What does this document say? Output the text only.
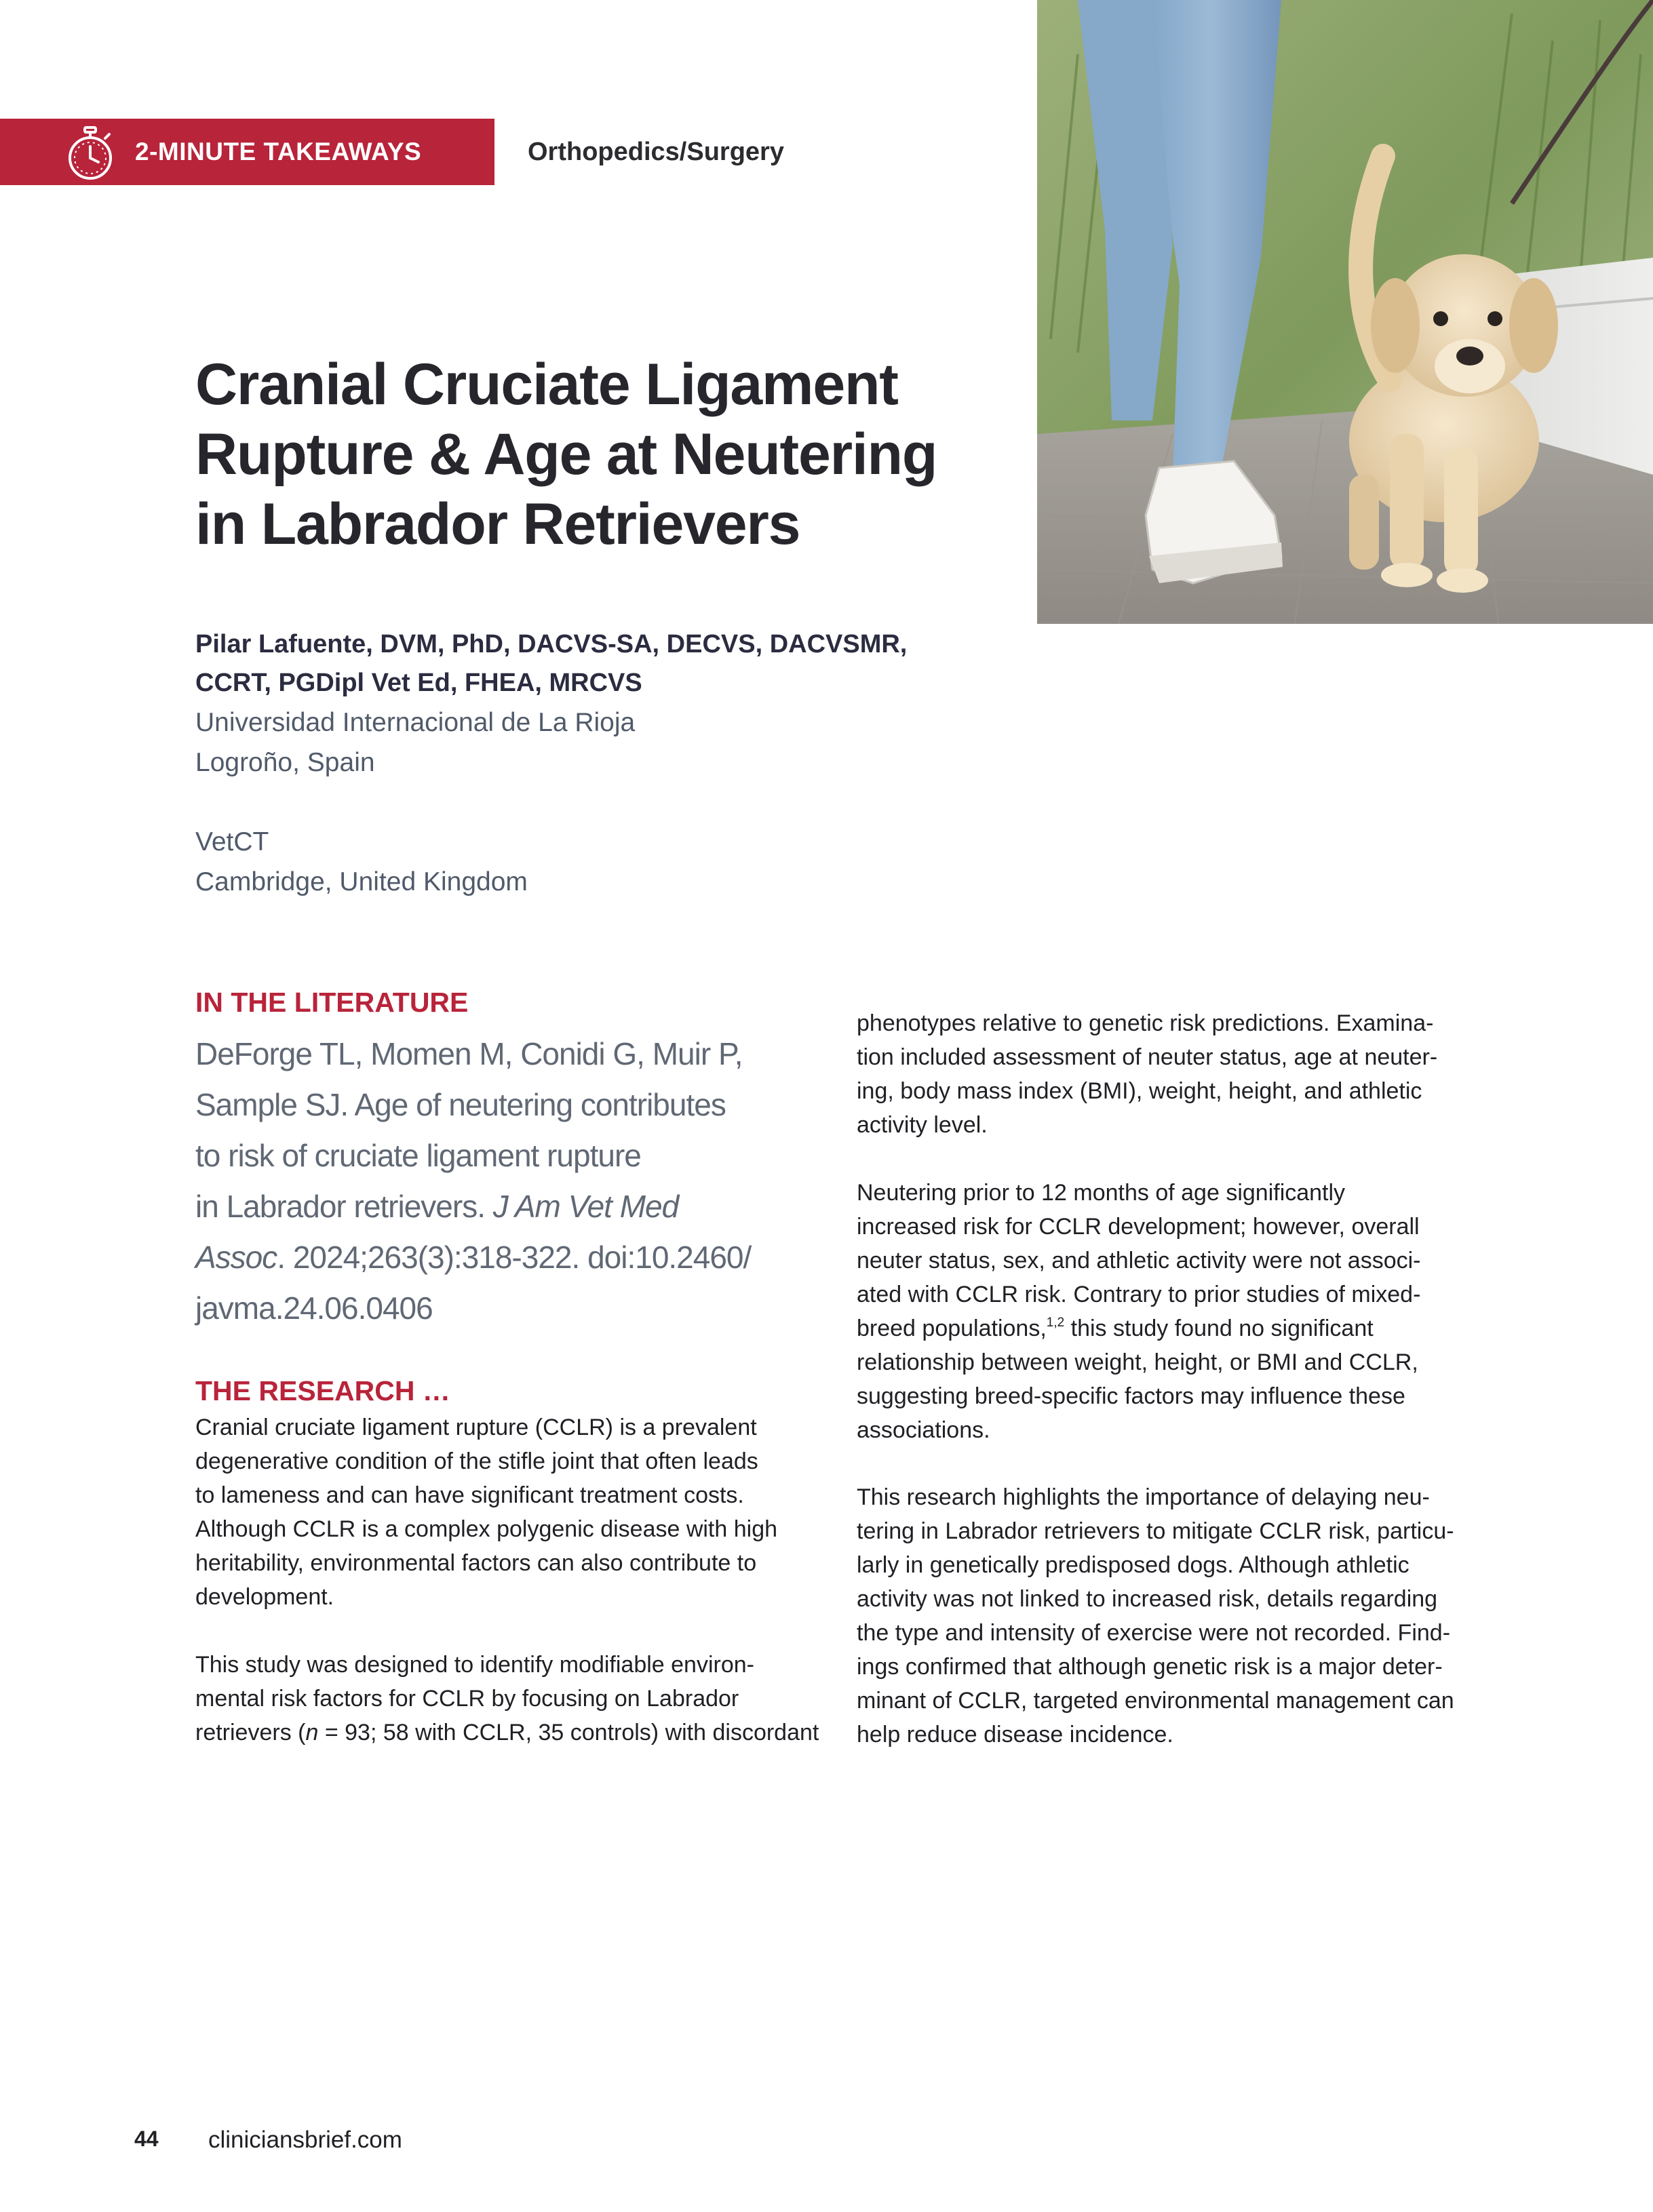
2-MINUTE TAKEAWAYS	Orthopedics/Surgery
Cranial Cruciate Ligament
Rupture & Age at Neutering
in Labrador Retrievers
Pilar Lafuente, DVM, PhD, DACVS-SA, DECVS, DACVSMR,
CCRT, PGDipl Vet Ed, FHEA, MRCVS
Universidad Internacional de La Rioja
Logroño, Spain
VetCT
Cambridge, United Kingdom
IN THE LITERATURE
DeForge TL, Momen M, Conidi G, Muir P,
Sample SJ. Age of neutering contributes
to risk of cruciate ligament rupture
in Labrador retrievers. J Am Vet Med
Assoc. 2024;263(3):318-322. doi:10.2460/
javma.24.06.0406
THE RESEARCH …
Cranial cruciate ligament rupture (CCLR) is a prevalent
degenerative condition of the stifle joint that often leads
to lameness and can have significant treatment costs.
Although CCLR is a complex polygenic disease with high
heritability, environmental factors can also contribute to
development.
This study was designed to identify modifiable environ-
mental risk factors for CCLR by focusing on Labrador
retrievers (n = 93; 58 with CCLR, 35 controls) with discordant
phenotypes relative to genetic risk predictions. Examina-
tion included assessment of neuter status, age at neuter-
ing, body mass index (BMI), weight, height, and athletic
activity level.
Neutering prior to 12 months of age significantly
increased risk for CCLR development; however, overall
neuter status, sex, and athletic activity were not associ-
ated with CCLR risk. Contrary to prior studies of mixed-
breed populations,$^{1,2}$ this study found no significant
relationship between weight, height, or BMI and CCLR,
suggesting breed-specific factors may influence these
associations.
This research highlights the importance of delaying neu-
tering in Labrador retrievers to mitigate CCLR risk, particu-
larly in genetically predisposed dogs. Although athletic
activity was not linked to increased risk, details regarding
the type and intensity of exercise were not recorded. Find-
ings confirmed that although genetic risk is a major deter-
minant of CCLR, targeted environmental management can
help reduce disease incidence.
44 cliniciansbrief.com
